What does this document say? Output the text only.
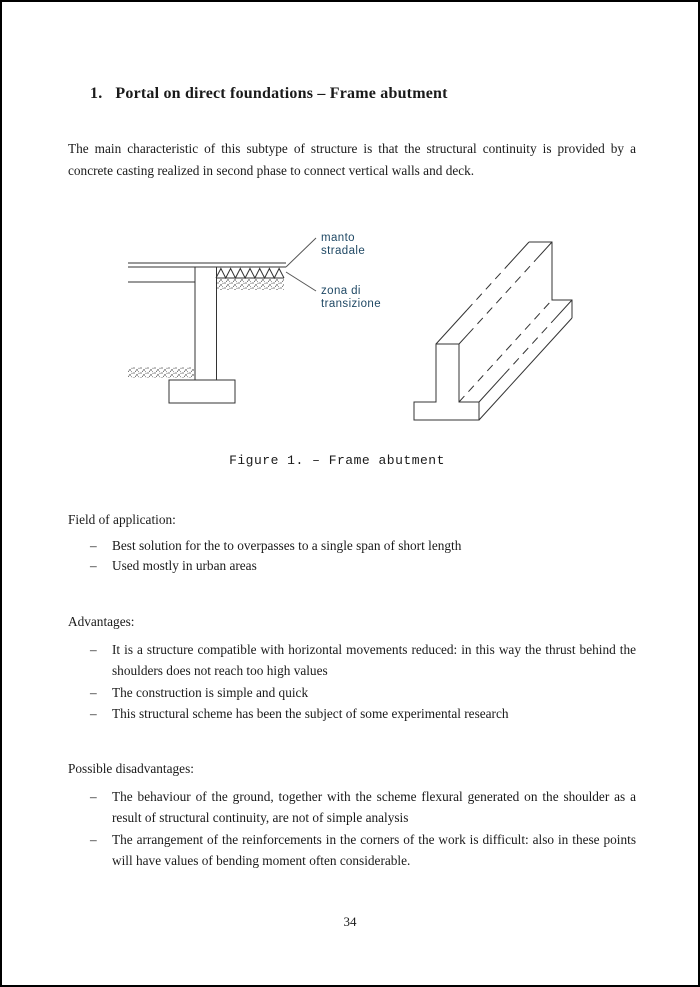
1. Portal on direct foundations – Frame abutment

The main characteristic of this subtype of structure is that the structural continuity is provided by a concrete casting realized in second phase to connect vertical walls and deck.

manto
stradale
zona di
transizione
Figure 1. – Frame abutment
Field of application:
–	Best solution for the to overpasses to a single span of short length
–	Used mostly in urban areas
Advantages:
–	It is a structure compatible with horizontal movements reduced: in this way the thrust behind the shoulders does not reach too high values
–	The construction is simple and quick
–	This structural scheme has been the subject of some experimental research
Possible disadvantages:
–	The behaviour of the ground, together with the scheme flexural generated on the shoulder as a result of structural continuity, are not of simple analysis
–	The arrangement of the reinforcements in the corners of the work is difficult: also in these points will have values of bending moment often considerable.
34
